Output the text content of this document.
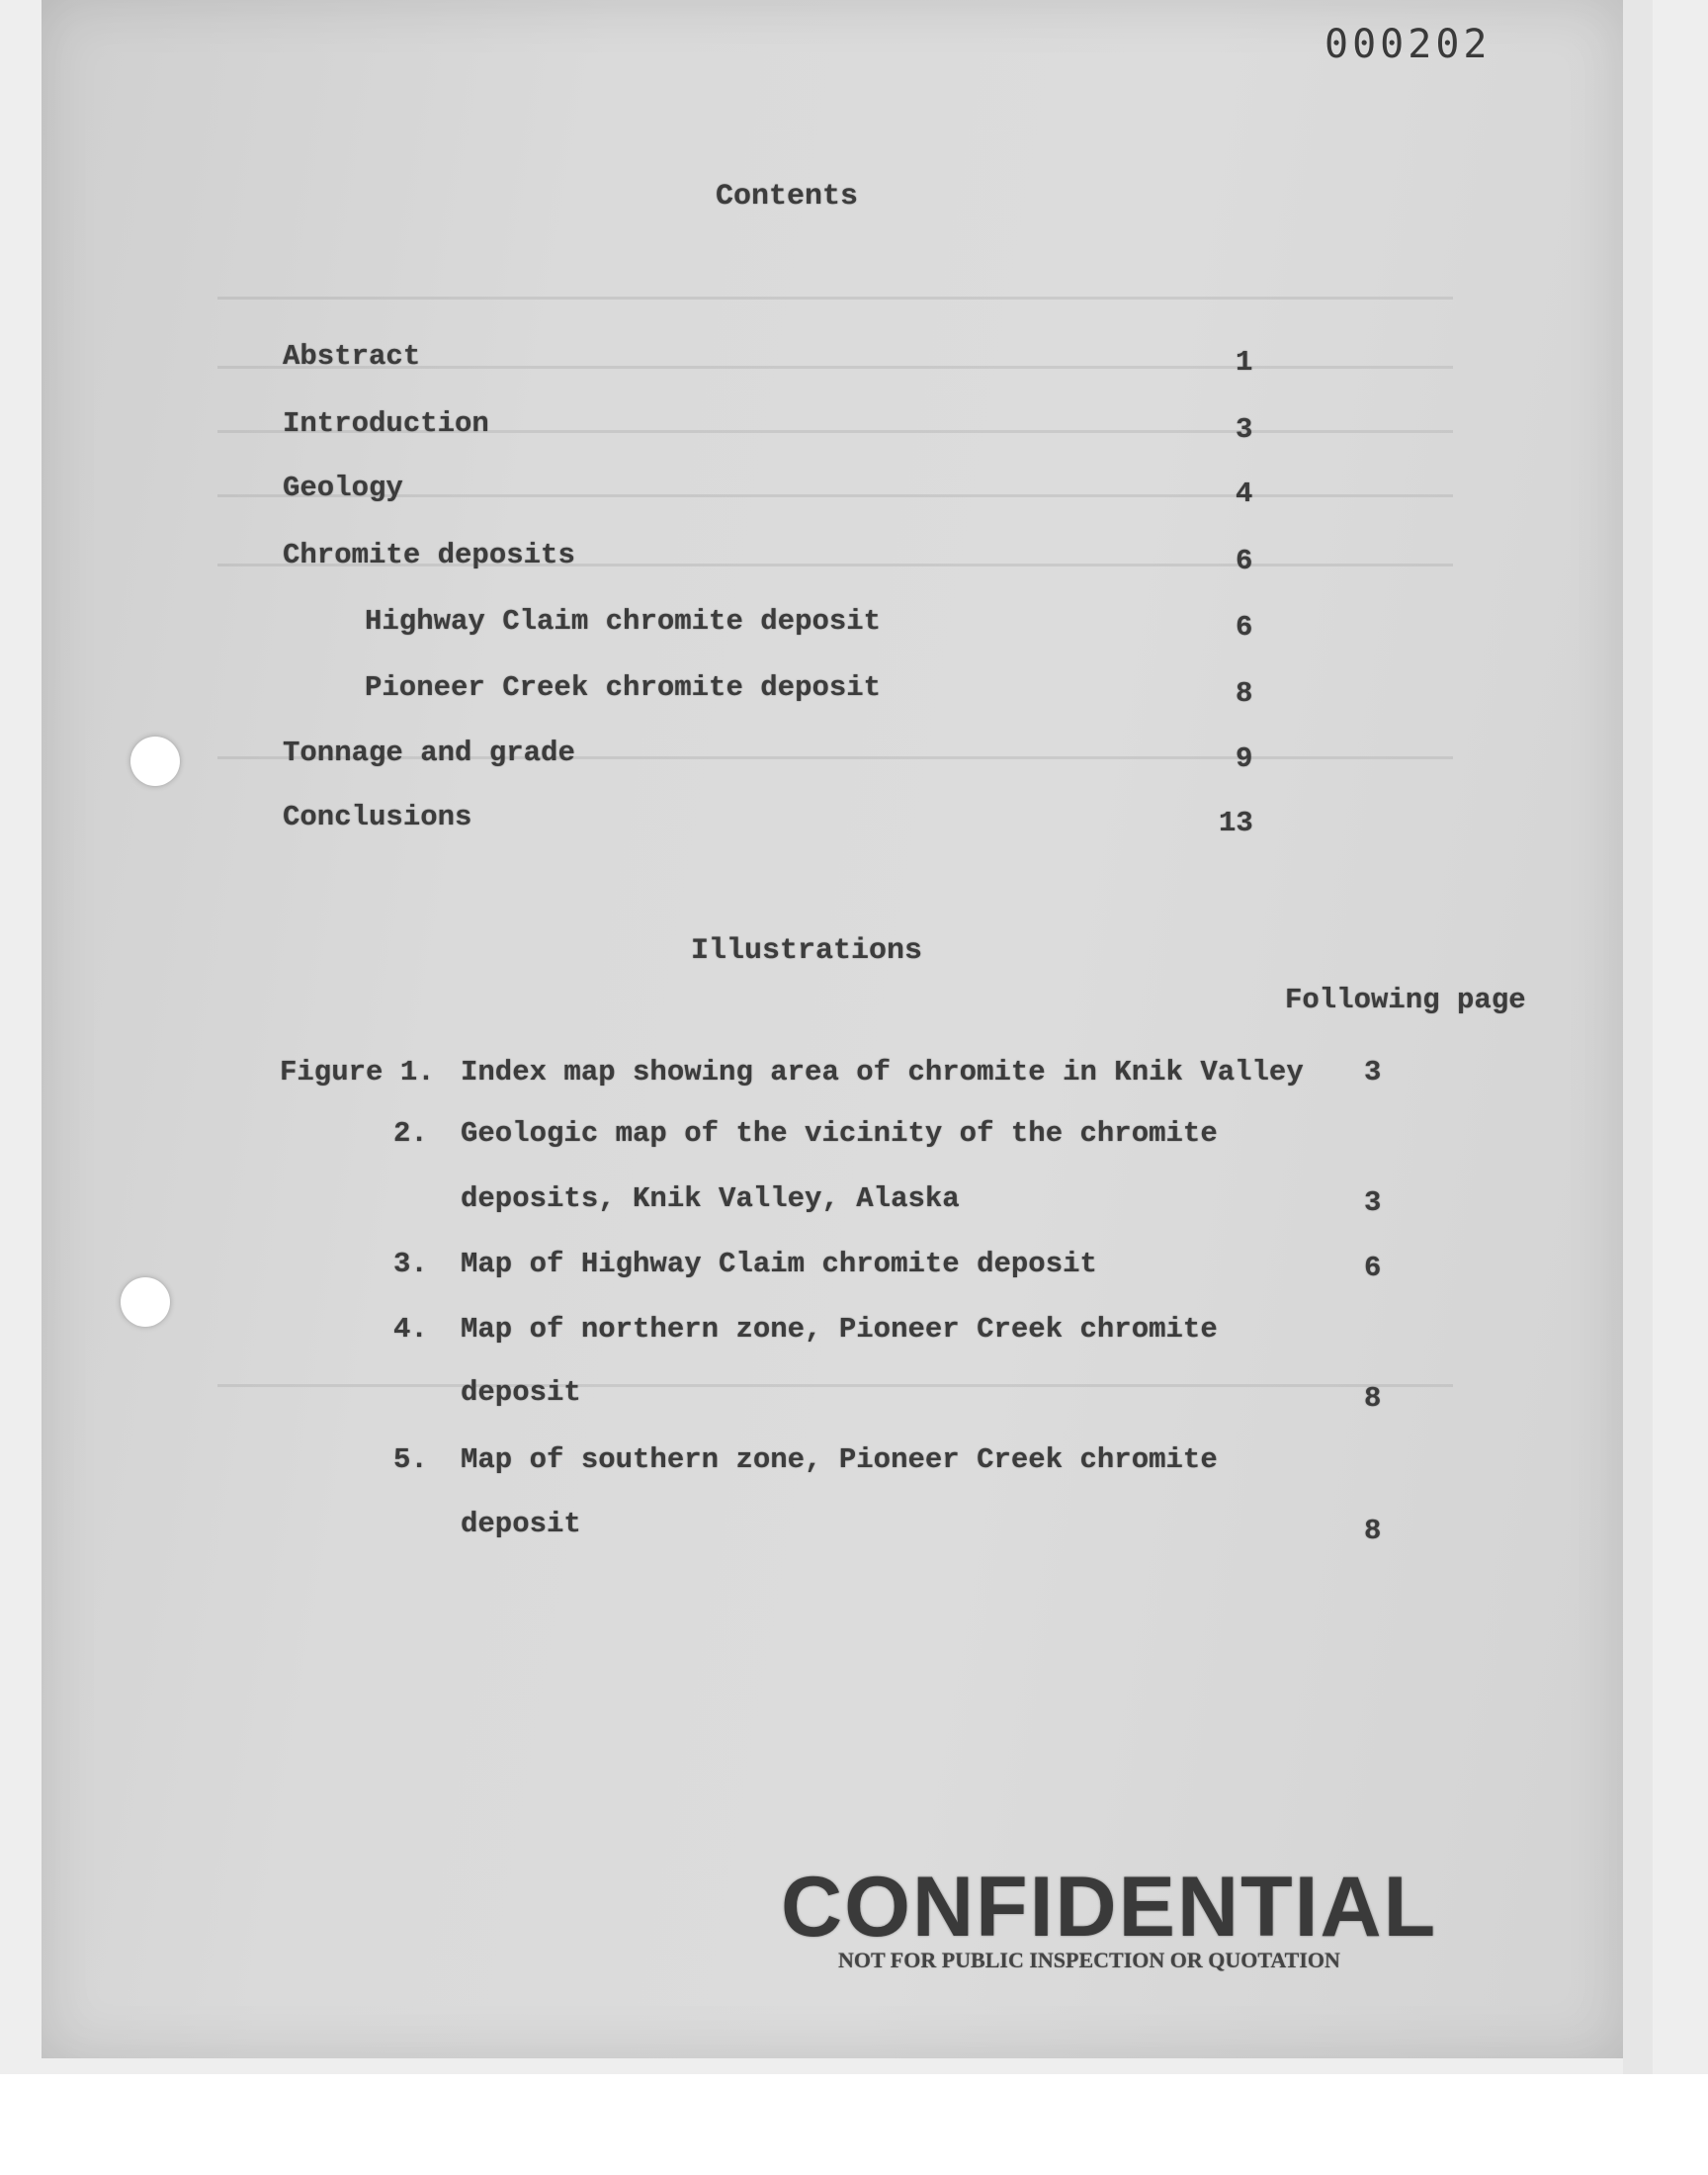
000202
Contents
Abstract	1
Introduction	3
Geology	4
Chromite deposits	6
Highway Claim chromite deposit	6
Pioneer Creek chromite deposit	8
Tonnage and grade	9
Conclusions	13
Illustrations
Following page
Figure 1. Index map showing area of chromite in Knik Valley 3
2. Geologic map of the vicinity of the chromite
deposits, Knik Valley, Alaska	3
3. Map of Highway Claim chromite deposit	6
4. Map of northern zone, Pioneer Creek chromite
deposit	8
5. Map of southern zone, Pioneer Creek chromite
deposit	8
CONFIDENTIAL
NOT FOR PUBLIC INSPECTION OR QUOTATION
